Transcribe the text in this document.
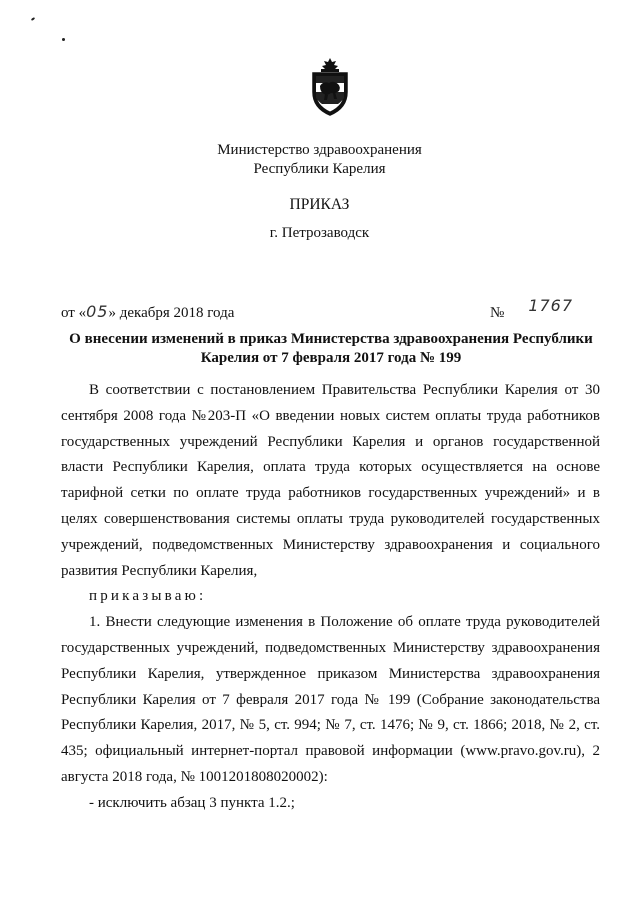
Министерство здравоохранения
Республики Карелия
ПРИКАЗ
г. Петрозаводск
от «05» декабря 2018 года	№ 1767
О внесении изменений в приказ Министерства здравоохранения Республики
Карелия от 7 февраля 2017 года № 199

В соответствии с постановлением Правительства Республики Карелия от 30 сентября 2008 года №203-П «О введении новых систем оплаты труда работников государственных учреждений Республики Карелия и органов государственной власти Республики Карелия, оплата труда которых осуществляется на основе тарифной сетки по оплате труда работников государственных учреждений» и в целях совершенствования системы оплаты труда руководителей государственных учреждений, подведомственных Министерству здравоохранения и социального развития Республики Карелия,

приказываю:

1. Внести следующие изменения в Положение об оплате труда руководителей государственных учреждений, подведомственных Министерству здравоохранения Республики Карелия, утвержденное приказом Министерства здравоохранения Республики Карелия от 7 февраля 2017 года № 199 (Собрание законодательства Республики Карелия, 2017, № 5, ст. 994; № 7, ст. 1476; № 9, ст. 1866; 2018, № 2, ст. 435; официальный интернет-портал правовой информации (www.pravo.gov.ru), 2 августа 2018 года, № 1001201808020002):

- исключить абзац 3 пункта 1.2.;
